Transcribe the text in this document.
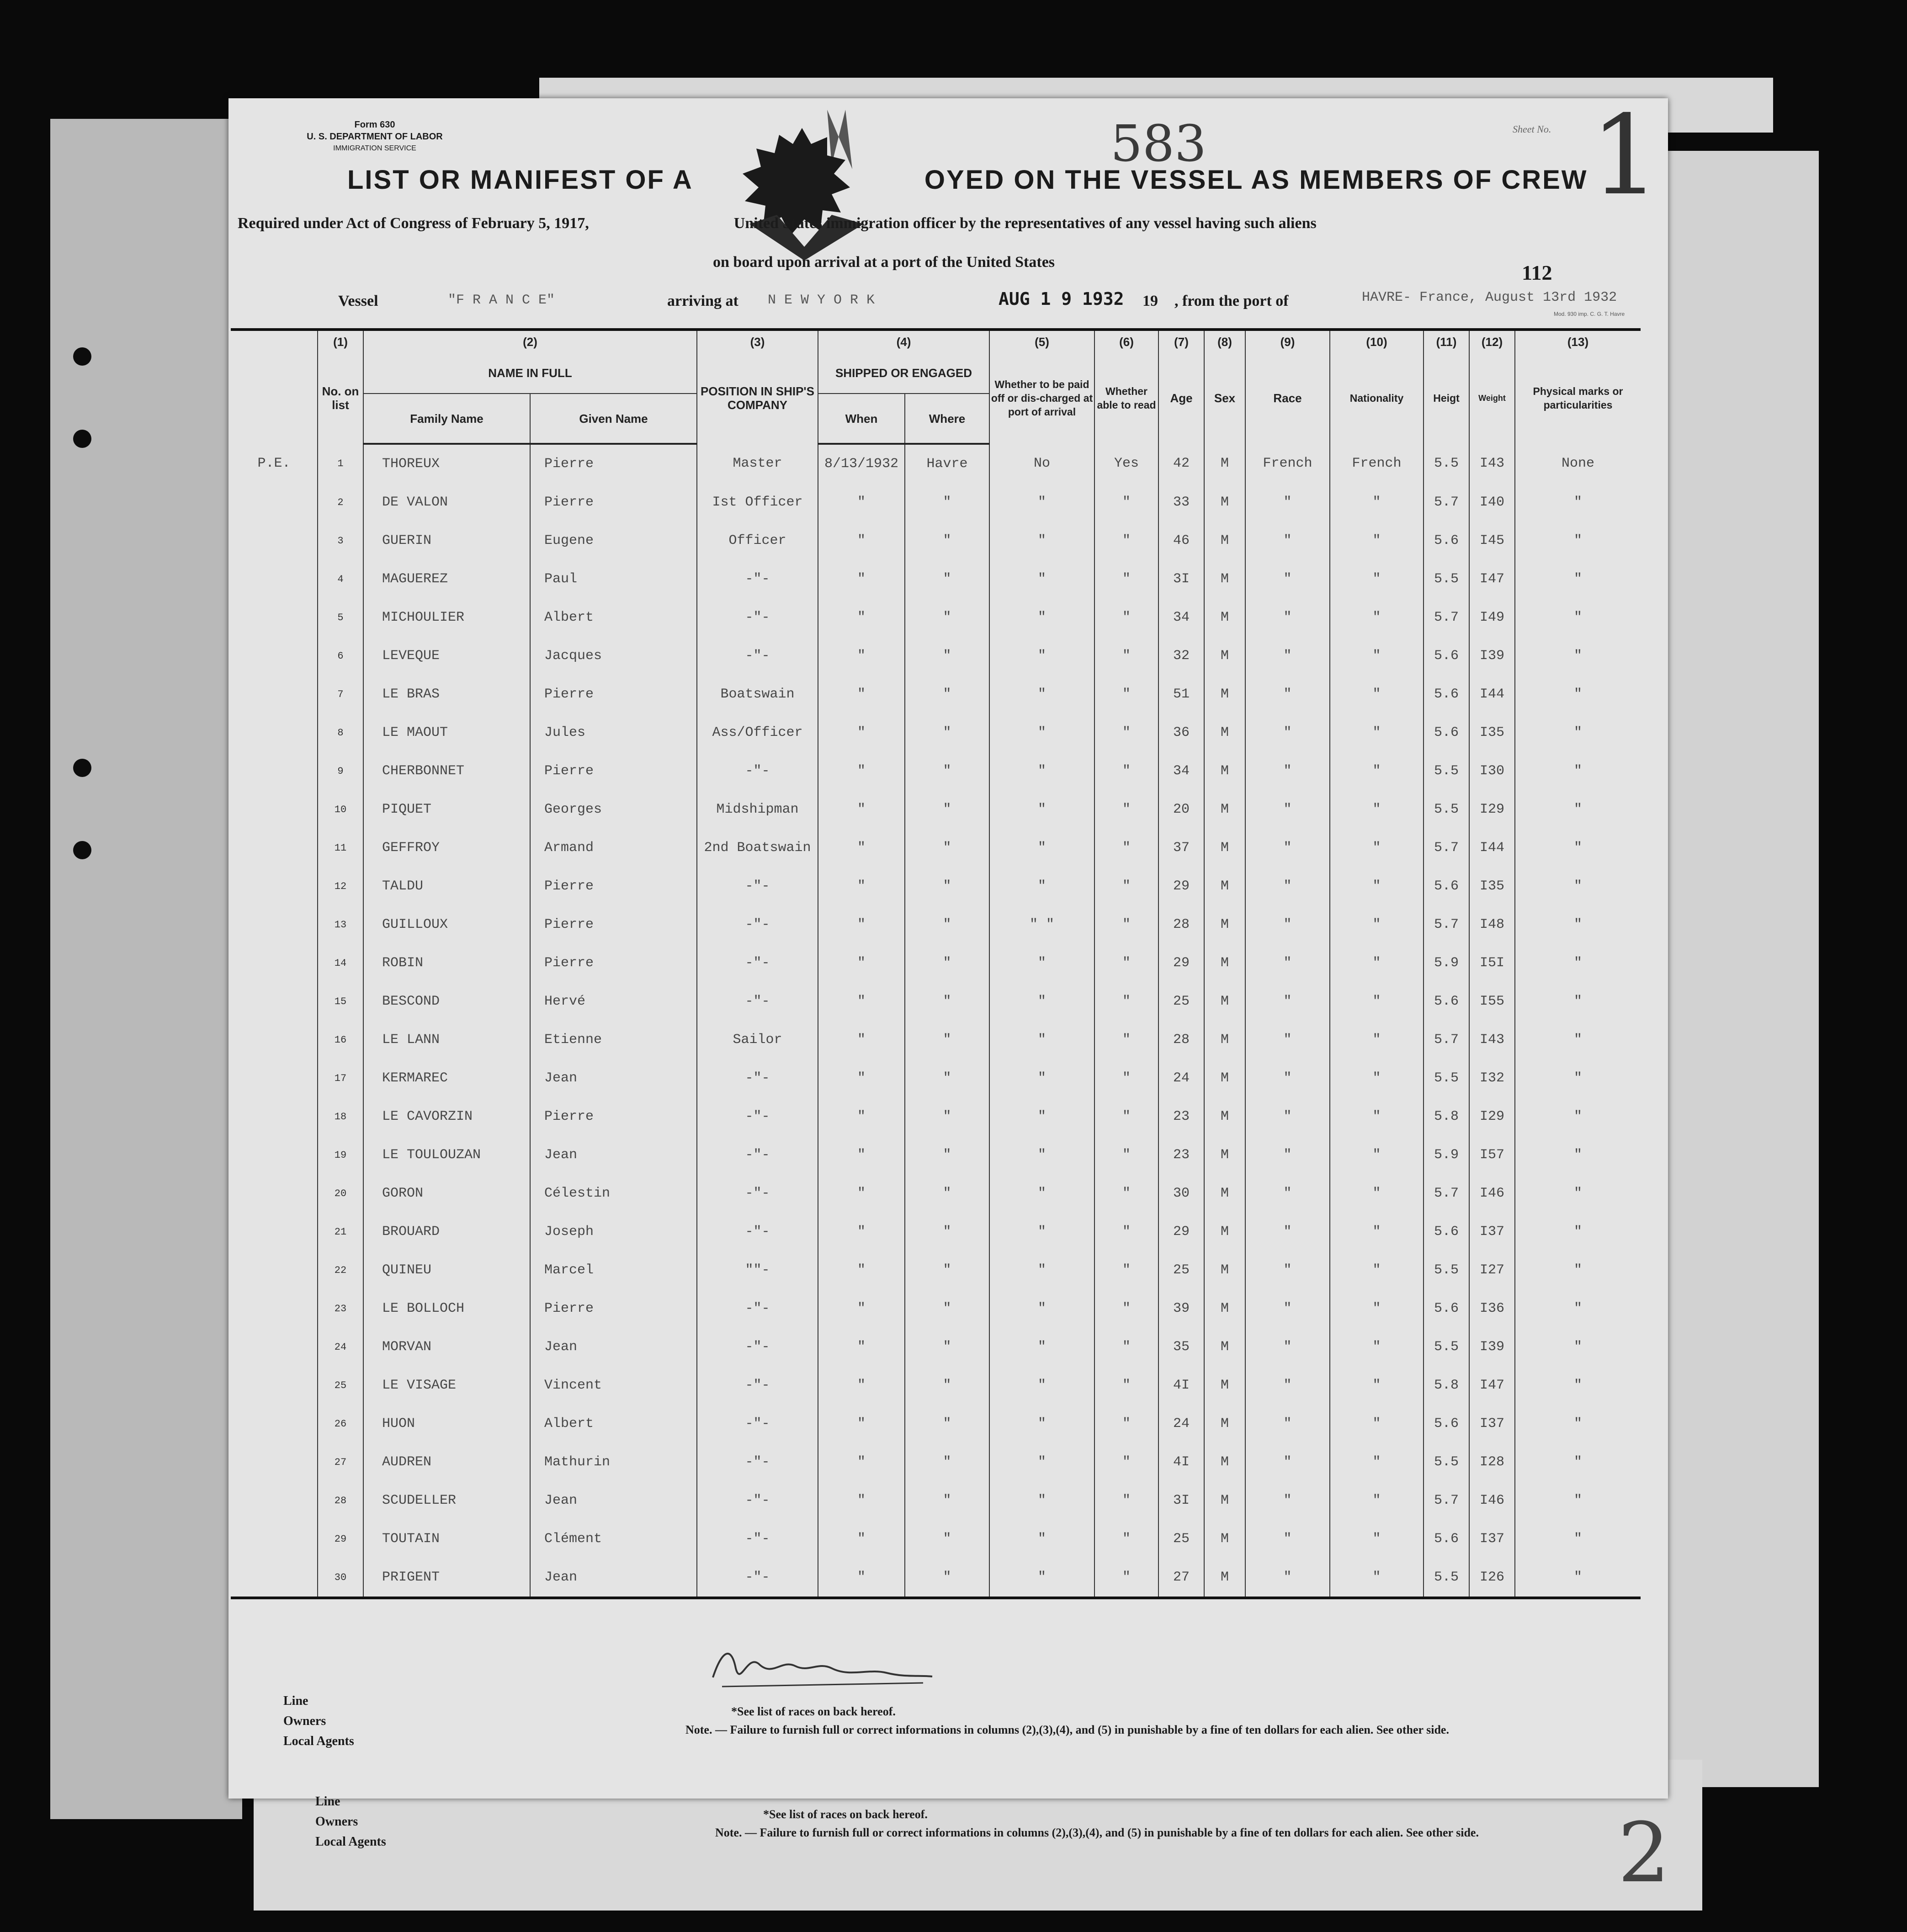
Form 630
U. S. DEPARTMENT OF LABOR
IMMIGRATION SERVICE	583	Sheet No. 1
LIST OR MANIFEST OF A	OYED ON THE VESSEL AS MEMBERS OF CREW
Required under Act of Congress of February 5, 1917,	United States immigration officer by the representatives of any vessel having such aliens
on board upon arrival at a port of the United States	112
Vessel	"F R A N C E"	arriving at N E W Y O R K	AUG 1 9 1932 19 , from the port of	HAVRE- France, August 13rd 1932
Mod. 930 imp. C. G. T. Havre
	(1)	(2)		(3)	(4)		(5)	(6)	(7)	(8)	(9)	(10)	(11)	(12)	(13)
	No. on list	NAME IN FULL		POSITION IN SHIP'S COMPANY	SHIPPED OR ENGAGED		Whether to be paid off or dis-charged at port of arrival	Whether able to read	Age	Sex	Race	Nationality	Heigt	Weight	Physical marks or particularities
		Family Name	Given Name		When	Where									
P.E.	1	THOREUX	Pierre	Master	8/13/1932	Havre	No	Yes	42	M	French	French	5.5	I43	None
	2	DE VALON	Pierre	Ist Officer	"	"	"	"	33	M	"	"	5.7	I40	"
	3	GUERIN	Eugene	Officer	"	"	"	"	46	M	"	"	5.6	I45	"
	4	MAGUEREZ	Paul	-"-	"	"	"	"	3I	M	"	"	5.5	I47	"
	5	MICHOULIER	Albert	-"-	"	"	"	"	34	M	"	"	5.7	I49	"
	6	LEVEQUE	Jacques	-"-	"	"	"	"	32	M	"	"	5.6	I39	"
	7	LE BRAS	Pierre	Boatswain	"	"	"	"	51	M	"	"	5.6	I44	"
	8	LE MAOUT	Jules	Ass/Officer	"	"	"	"	36	M	"	"	5.6	I35	"
	9	CHERBONNET	Pierre	-"-	"	"	"	"	34	M	"	"	5.5	I30	"
	10	PIQUET	Georges	Midshipman	"	"	"	"	20	M	"	"	5.5	I29	"
	11	GEFFROY	Armand	2nd Boatswain	"	"	"	"	37	M	"	"	5.7	I44	"
	12	TALDU	Pierre	-"-	"	"	"	"	29	M	"	"	5.6	I35	"
	13	GUILLOUX	Pierre	-"-	"	"	" "	"	28	M	"	"	5.7	I48	"
	14	ROBIN	Pierre	-"-	"	"	"	"	29	M	"	"	5.9	I5I	"
	15	BESCOND	Hervé	-"-	"	"	"	"	25	M	"	"	5.6	I55	"
	16	LE LANN	Etienne	Sailor	"	"	"	"	28	M	"	"	5.7	I43	"
	17	KERMAREC	Jean	-"-	"	"	"	"	24	M	"	"	5.5	I32	"
	18	LE CAVORZIN	Pierre	-"-	"	"	"	"	23	M	"	"	5.8	I29	"
	19	LE TOULOUZAN	Jean	-"-	"	"	"	"	23	M	"	"	5.9	I57	"
	20	GORON	Célestin	-"-	"	"	"	"	30	M	"	"	5.7	I46	"
	21	BROUARD	Joseph	-"-	"	"	"	"	29	M	"	"	5.6	I37	"
	22	QUINEU	Marcel	""-	"	"	"	"	25	M	"	"	5.5	I27	"
	23	LE BOLLOCH	Pierre	-"-	"	"	"	"	39	M	"	"	5.6	I36	"
	24	MORVAN	Jean	-"-	"	"	"	"	35	M	"	"	5.5	I39	"
	25	LE VISAGE	Vincent	-"-	"	"	"	"	4I	M	"	"	5.8	I47	"
	26	HUON	Albert	-"-	"	"	"	"	24	M	"	"	5.6	I37	"
	27	AUDREN	Mathurin	-"-	"	"	"	"	4I	M	"	"	5.5	I28	"
	28	SCUDELLER	Jean	-"-	"	"	"	"	3I	M	"	"	5.7	I46	"
	29	TOUTAIN	Clément	-"-	"	"	"	"	25	M	"	"	5.6	I37	"
	30	PRIGENT	Jean	-"-	"	"	"	"	27	M	"	"	5.5	I26	"
Line
Owners
Local Agents
*See list of races on back hereof.
Note. — Failure to furnish full or correct informations in columns (2),(3),(4), and (5) in punishable by a fine of ten dollars for each alien. See other side.
Line
Owners
Local Agents
*See list of races on back hereof.
Note. — Failure to furnish full or correct informations in columns (2),(3),(4), and (5) in punishable by a fine of ten dollars for each alien. See other side. 2
